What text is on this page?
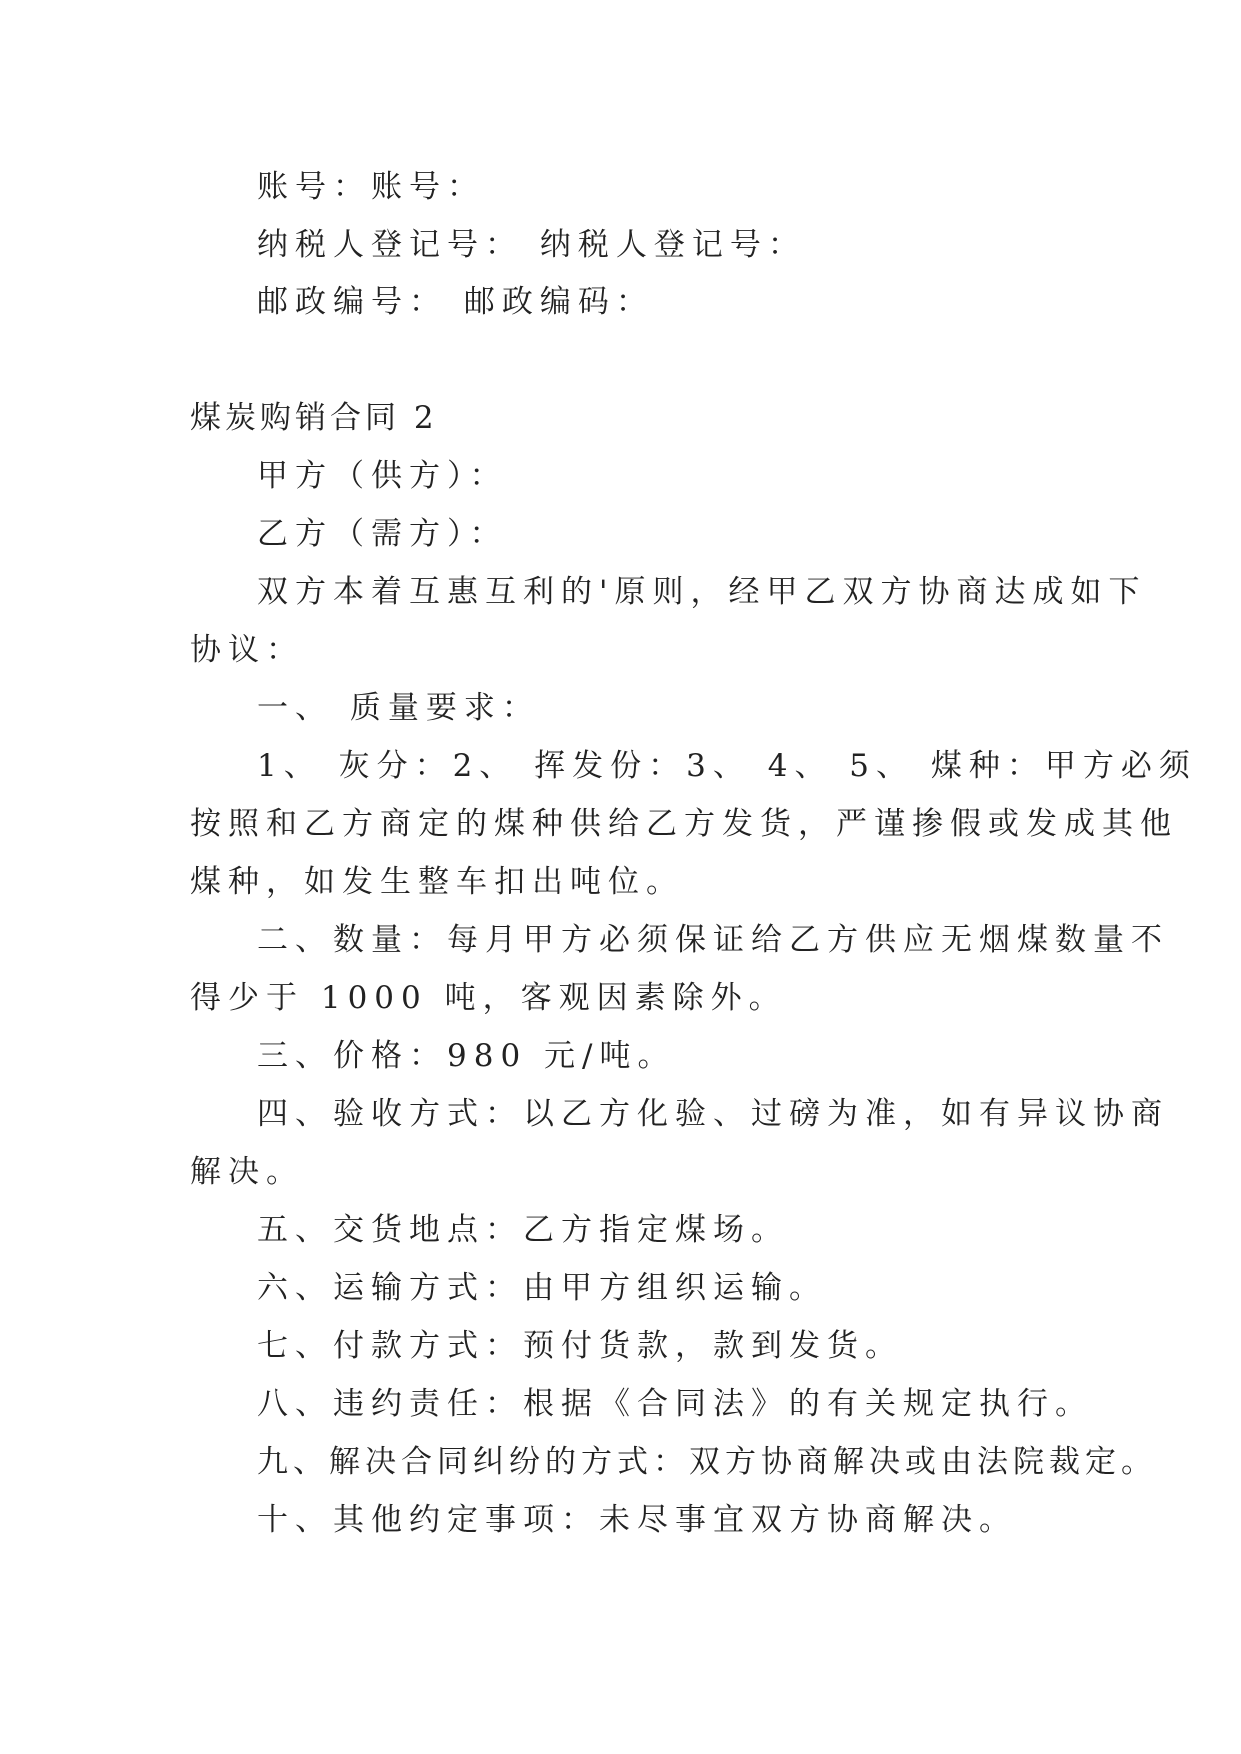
账号：账号：
纳税人登记号： 纳税人登记号：
邮政编号： 邮政编码：
煤炭购销合同 2
甲方（供方）：
乙方（需方）：
双方本着互惠互利的'原则，经甲乙双方协商达成如下
协议：
一、 质量要求：
1、 灰分：2、 挥发份：3、 4、 5、 煤种：甲方必须
按照和乙方商定的煤种供给乙方发货，严谨掺假或发成其他
煤种，如发生整车扣出吨位。
二、数量：每月甲方必须保证给乙方供应无烟煤数量不
得少于 1000 吨，客观因素除外。
三、价格：980 元/吨。
四、验收方式：以乙方化验、过磅为准，如有异议协商
解决。
五、交货地点：乙方指定煤场。
六、运输方式：由甲方组织运输。
七、付款方式：预付货款，款到发货。
八、违约责任：根据《合同法》的有关规定执行。
九、解决合同纠纷的方式：双方协商解决或由法院裁定。
十、其他约定事项：未尽事宜双方协商解决。
